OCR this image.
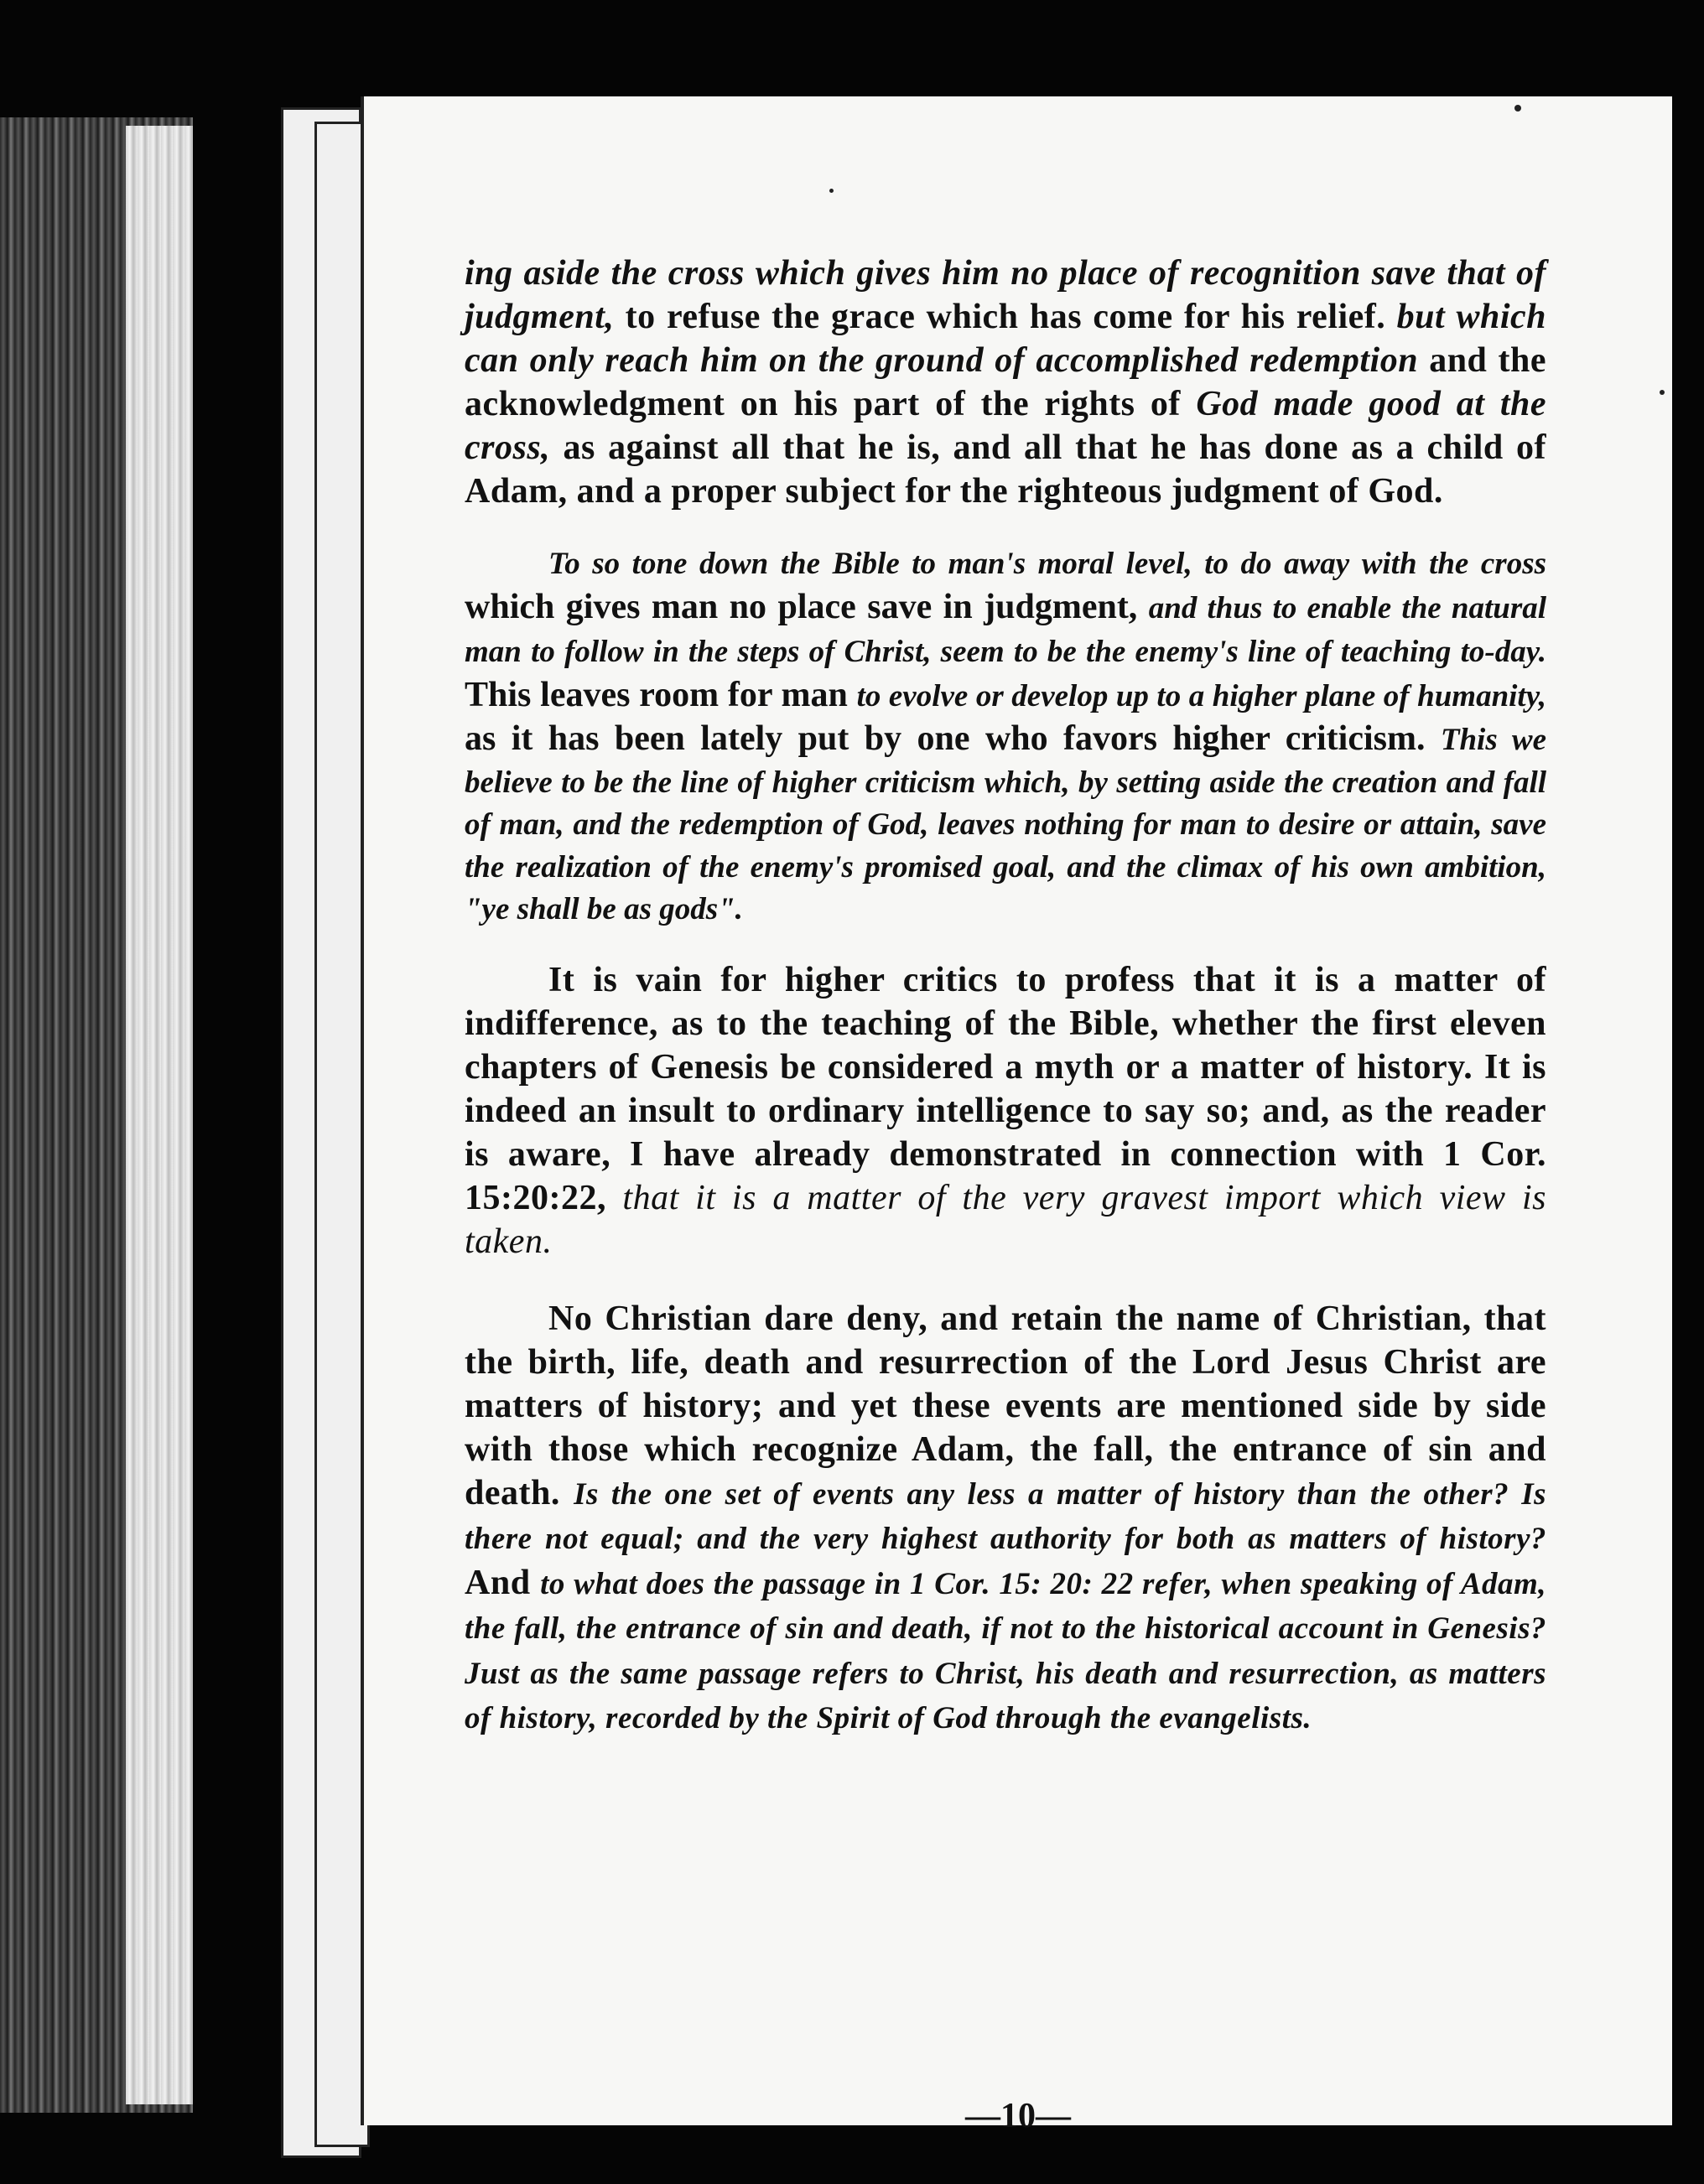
ing aside the cross which gives him no place of recognition save that of judgment, to refuse the grace which has come for his relief. but which can only reach him on the ground of accomplished redemption and the acknowledgment on his part of the rights of God made good at the cross, as against all that he is, and all that he has done as a child of Adam, and a proper subject for the righteous judgment of God.

To so tone down the Bible to man's moral level, to do away with the cross which gives man no place save in judgment, and thus to enable the natural man to follow in the steps of Christ, seem to be the enemy's line of teaching to-day. This leaves room for man to evolve or develop up to a higher plane of humanity, as it has been lately put by one who favors higher criticism. This we believe to be the line of higher criticism which, by setting aside the creation and fall of man, and the redemption of God, leaves nothing for man to desire or attain, save the realization of the enemy's promised goal, and the climax of his own ambition, "ye shall be as gods".

It is vain for higher critics to profess that it is a matter of indifference, as to the teaching of the Bible, whether the first eleven chapters of Genesis be considered a myth or a matter of history. It is indeed an insult to ordinary intelligence to say so; and, as the reader is aware, I have already demonstrated in connection with 1 Cor. 15:20:22, that it is a matter of the very gravest import which view is taken.

No Christian dare deny, and retain the name of Christian, that the birth, life, death and resurrection of the Lord Jesus Christ are matters of history; and yet these events are mentioned side by side with those which recognize Adam, the fall, the entrance of sin and death. Is the one set of events any less a matter of history than the other? Is there not equal; and the very highest authority for both as matters of history? And to what does the passage in 1 Cor. 15: 20: 22 refer, when speaking of Adam, the fall, the entrance of sin and death, if not to the historical account in Genesis? Just as the same passage refers to Christ, his death and resurrection, as matters of history, recorded by the Spirit of God through the evangelists.

—10—
